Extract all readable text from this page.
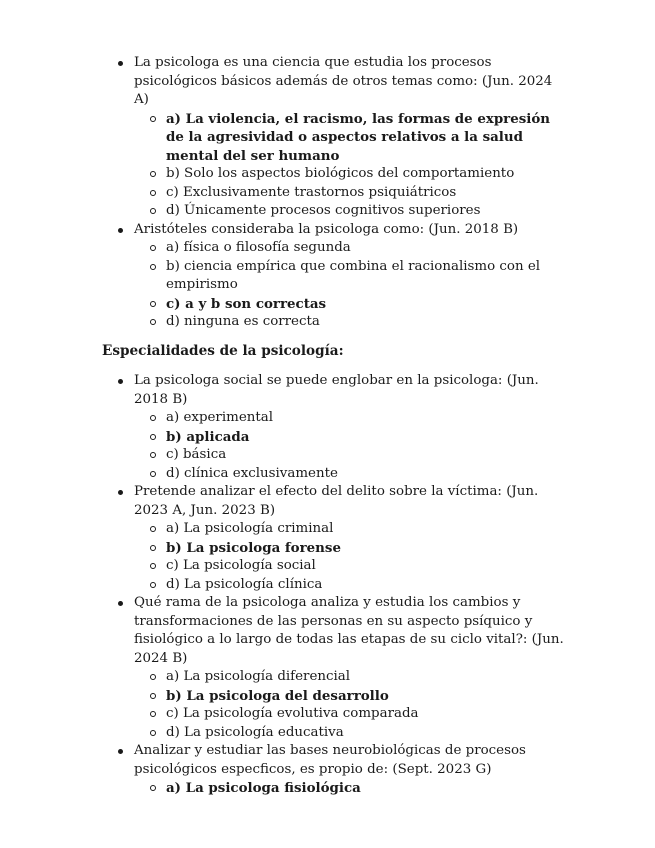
La psicologa es una ciencia que estudia los procesos psicológicos básicos además de otros temas como: (Jun. 2024 A)
a) La violencia, el racismo, las formas de expresión de la agresividad o aspectos relativos a la salud mental del ser humano
b) Solo los aspectos biológicos del comportamiento
c) Exclusivamente trastornos psiquiátricos
d) Únicamente procesos cognitivos superiores
Aristóteles consideraba la psicologa como: (Jun. 2018 B)
a) física o filosofía segunda
b) ciencia empírica que combina el racionalismo con el empirismo
c) a y b son correctas
d) ninguna es correcta
Especialidades de la psicología:
La psicologa social se puede englobar en la psicologa: (Jun. 2018 B)
a) experimental
b) aplicada
c) básica
d) clínica exclusivamente
Pretende analizar el efecto del delito sobre la víctima: (Jun. 2023 A, Jun. 2023 B)
a) La psicología criminal
b) La psicologa forense
c) La psicología social
d) La psicología clínica
Qué rama de la psicologa analiza y estudia los cambios y transformaciones de las personas en su aspecto psíquico y fisiológico a lo largo de todas las etapas de su ciclo vital?: (Jun. 2024 B)
a) La psicología diferencial
b) La psicologa del desarrollo
c) La psicología evolutiva comparada
d) La psicología educativa
Analizar y estudiar las bases neurobiológicas de procesos psicológicos especficos, es propio de: (Sept. 2023 G)
a) La psicologa fisiológica
